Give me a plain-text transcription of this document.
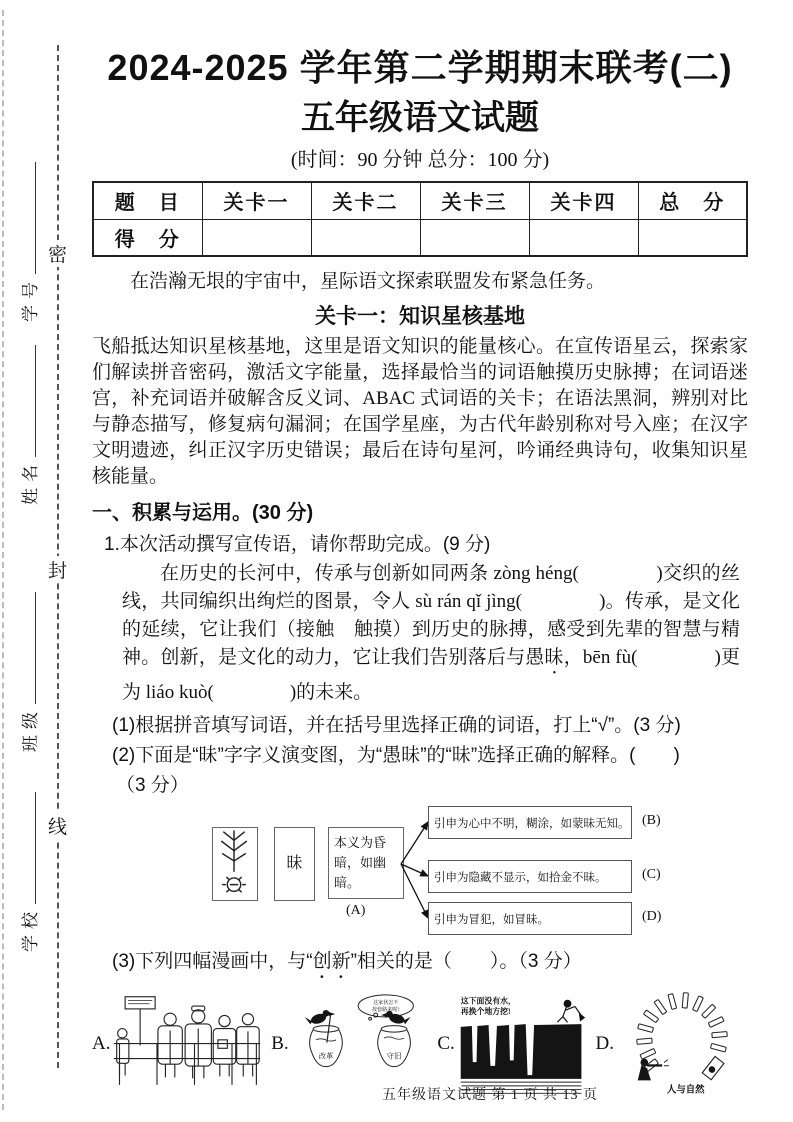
密
封
线
学号
姓名
班级
学校
2024-2025 学年第二学期期末联考(二)
五年级语文试题
(时间：90 分钟 总分：100 分)
题　目	关卡一	关卡二	关卡三	关卡四	总　分
得　分					

在浩瀚无垠的宇宙中，星际语文探索联盟发布紧急任务。

关卡一：知识星核基地

飞船抵达知识星核基地，这里是语文知识的能量核心。在宣传语星云，探索家们解读拼音密码，激活文字能量，选择最恰当的词语触摸历史脉搏；在词语迷宫，补充词语并破解含反义词、ABAC 式词语的关卡；在语法黑洞，辨别对比与静态描写，修复病句漏洞；在国学星座，为古代年龄别称对号入座；在汉字文明遗迹，纠正汉字历史错误；最后在诗句星河，吟诵经典诗句，收集知识星核能量。

一、积累与运用。(30 分)

1.本次活动撰写宣传语，请你帮助完成。(9 分)

在历史的长河中，传承与创新如同两条 zòng héng(　　　　)交织的丝线，共同编织出绚烂的图景，令人 sù rán qǐ jìng(　　　　)。传承，是文化的延续，它让我们（接触　触摸）到历史的脉搏，感受到先辈的智慧与精神。创新，是文化的动力，它让我们告别落后与愚昧，bēn fù(　　　　)更为 liáo kuò(　　　　)的未来。

(1)根据拼音填写词语，并在括号里选择正确的词语，打上“√”。(3 分)

(2)下面是“昧”字字义演变图，为“愚昧”的“昧”选择正确的解释。(　　)

（3 分）

昧
本义为昏暗，如幽暗。
(A)
引申为心中不明，糊涂，如蒙昧无知。
引申为隐藏不显示，如拾金不昧。
引申为冒犯，如冒昧。
(B)
(C)
(D)

(3)下列四幅漫画中，与“创新”相关的是（　　）。（3 分）

A.	B.
这家伙怎不
按套路来呢?
改革	守旧
C.
这下面没有水，
再换个地方挖!
D.
人与自然
五年级语文试题 第 1 页 共 13 页
